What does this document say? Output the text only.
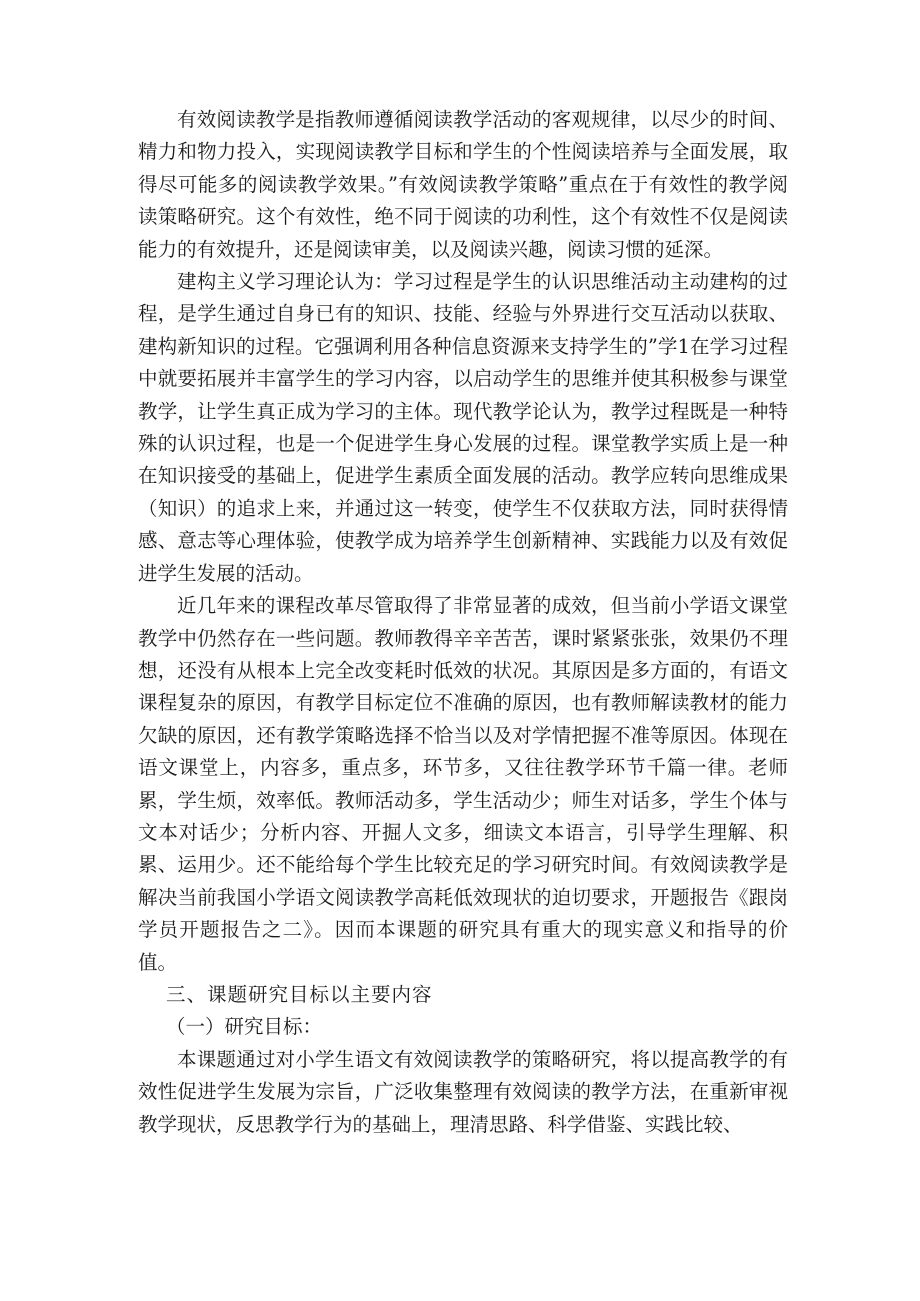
有效阅读教学是指教师遵循阅读教学活动的客观规律，以尽少的时间、精力和物力投入，实现阅读教学目标和学生的个性阅读培养与全面发展，取得尽可能多的阅读教学效果。”有效阅读教学策略”重点在于有效性的教学阅读策略研究。这个有效性，绝不同于阅读的功利性，这个有效性不仅是阅读能力的有效提升，还是阅读审美，以及阅读兴趣，阅读习惯的延深。

建构主义学习理论认为：学习过程是学生的认识思维活动主动建构的过程，是学生通过自身已有的知识、技能、经验与外界进行交互活动以获取、建构新知识的过程。它强调利用各种信息资源来支持学生的”学1在学习过程中就要拓展并丰富学生的学习内容，以启动学生的思维并使其积极参与课堂教学，让学生真正成为学习的主体。现代教学论认为，教学过程既是一种特殊的认识过程，也是一个促进学生身心发展的过程。课堂教学实质上是一种在知识接受的基础上，促进学生素质全面发展的活动。教学应转向思维成果（知识）的追求上来，并通过这一转变，使学生不仅获取方法，同时获得情感、意志等心理体验，使教学成为培养学生创新精神、实践能力以及有效促进学生发展的活动。

近几年来的课程改革尽管取得了非常显著的成效，但当前小学语文课堂教学中仍然存在一些问题。教师教得辛辛苦苦，课时紧紧张张，效果仍不理想，还没有从根本上完全改变耗时低效的状况。其原因是多方面的，有语文课程复杂的原因，有教学目标定位不准确的原因，也有教师解读教材的能力欠缺的原因，还有教学策略选择不恰当以及对学情把握不准等原因。体现在语文课堂上，内容多，重点多，环节多，又往往教学环节千篇一律。老师累，学生烦，效率低。教师活动多，学生活动少；师生对话多，学生个体与文本对话少；分析内容、开掘人文多，细读文本语言，引导学生理解、积累、运用少。还不能给每个学生比较充足的学习研究时间。有效阅读教学是解决当前我国小学语文阅读教学高耗低效现状的迫切要求，开题报告《跟岗学员开题报告之二》。因而本课题的研究具有重大的现实意义和指导的价值。

三、课题研究目标以主要内容

（一）研究目标：

本课题通过对小学生语文有效阅读教学的策略研究，将以提高教学的有效性促进学生发展为宗旨，广泛收集整理有效阅读的教学方法，在重新审视教学现状，反思教学行为的基础上，理清思路、科学借鉴、实践比较、
